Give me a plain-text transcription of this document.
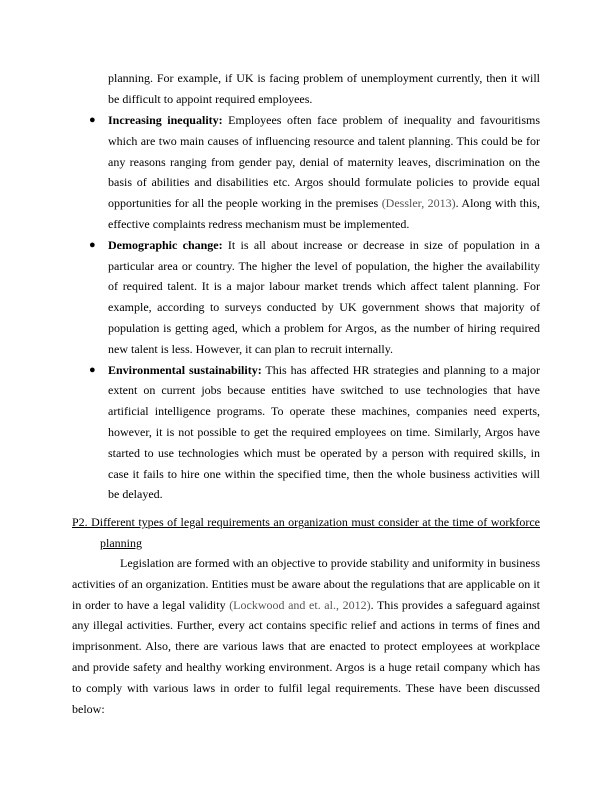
planning. For example, if UK is facing problem of unemployment currently, then it will be difficult to appoint required employees.
● Increasing inequality: Employees often face problem of inequality and favouritisms which are two main causes of influencing resource and talent planning. This could be for any reasons ranging from gender pay, denial of maternity leaves, discrimination on the basis of abilities and disabilities etc. Argos should formulate policies to provide equal opportunities for all the people working in the premises (Dessler, 2013). Along with this, effective complaints redress mechanism must be implemented.
● Demographic change: It is all about increase or decrease in size of population in a particular area or country. The higher the level of population, the higher the availability of required talent. It is a major labour market trends which affect talent planning. For example, according to surveys conducted by UK government shows that majority of population is getting aged, which a problem for Argos, as the number of hiring required new talent is less. However, it can plan to recruit internally.
● Environmental sustainability: This has affected HR strategies and planning to a major extent on current jobs because entities have switched to use technologies that have artificial intelligence programs. To operate these machines, companies need experts, however, it is not possible to get the required employees on time. Similarly, Argos have started to use technologies which must be operated by a person with required skills, in case it fails to hire one within the specified time, then the whole business activities will be delayed.
P2. Different types of legal requirements an organization must consider at the time of workforce
planning
Legislation are formed with an objective to provide stability and uniformity in business activities of an organization. Entities must be aware about the regulations that are applicable on it in order to have a legal validity (Lockwood and et. al., 2012). This provides a safeguard against any illegal activities. Further, every act contains specific relief and actions in terms of fines and imprisonment. Also, there are various laws that are enacted to protect employees at workplace and provide safety and healthy working environment. Argos is a huge retail company which has to comply with various laws in order to fulfil legal requirements. These have been discussed below:
